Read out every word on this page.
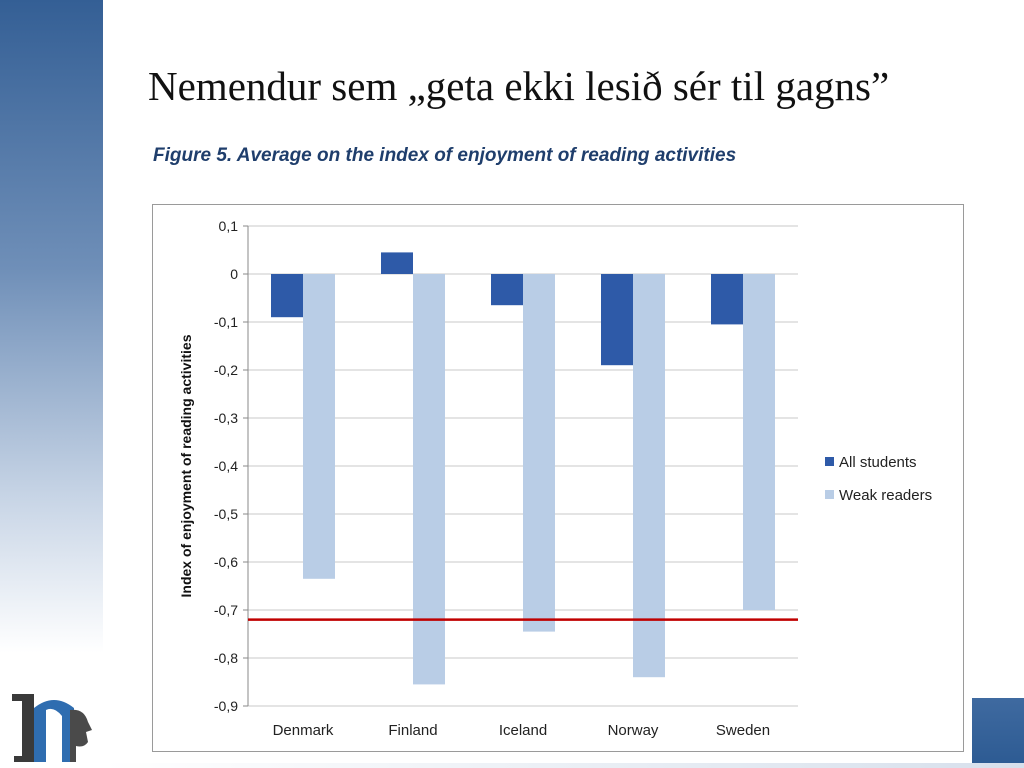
Nemendur sem „geta ekki lesið sér til gagns”
Figure 5. Average on the index of enjoyment of reading activities
0,1
0
-0,1
-0,2
-0,3
-0,4
-0,5
-0,6
-0,7
-0,8
-0,9
Denmark	Finland	Iceland	Norway	Sweden
Index of enjoyment of reading activities	All students
Weak readers
